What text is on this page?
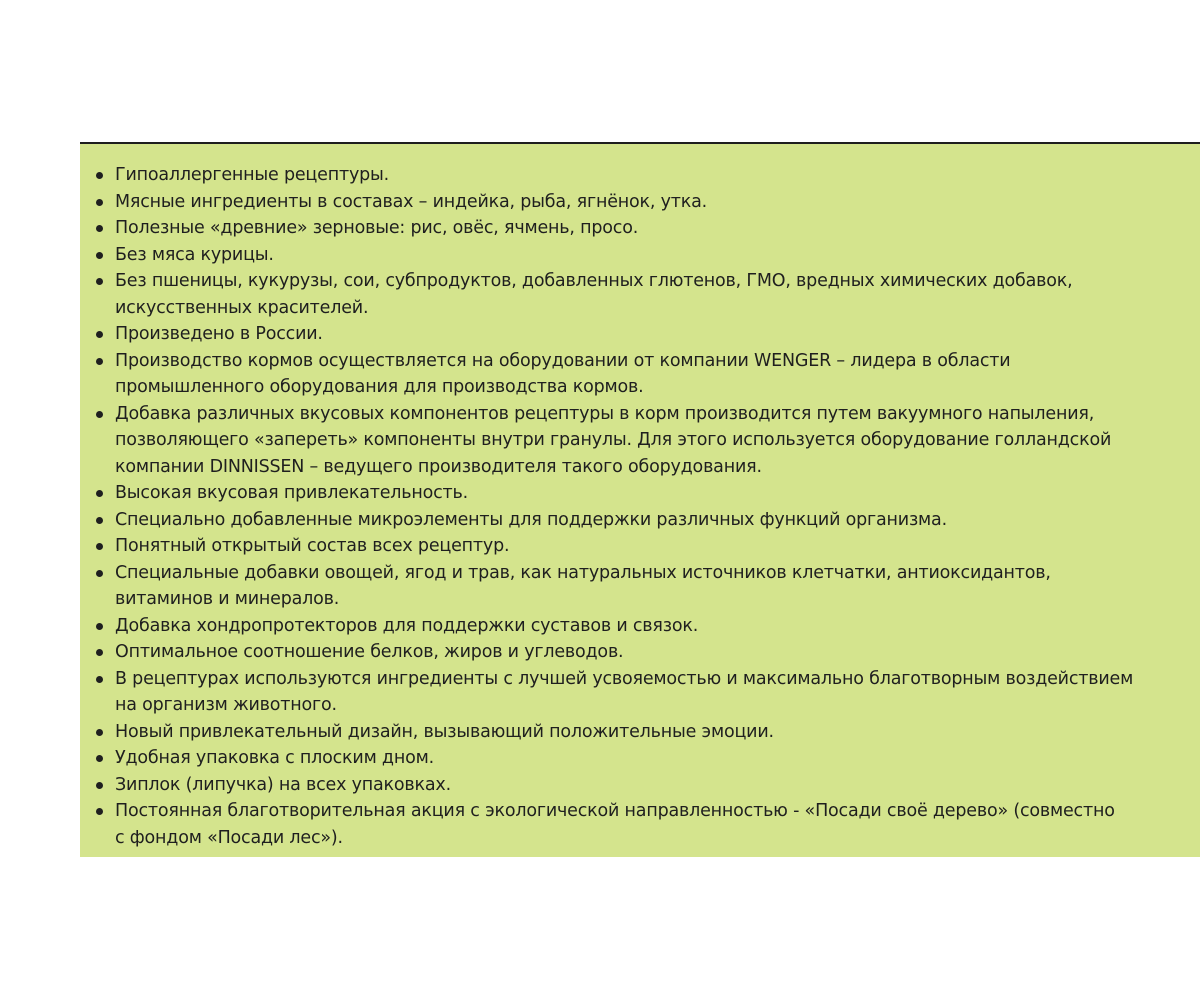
Гипоаллергенные рецептуры.
Мясные ингредиенты в составах – индейка, рыба, ягнёнок, утка.
Полезные «древние» зерновые: рис, овёс, ячмень, просо.
Без мяса курицы.
Без пшеницы, кукурузы, сои, субпродуктов, добавленных глютенов, ГМО, вредных химических добавок,
искусственных красителей.
Произведено в России.
Производство кормов осуществляется на оборудовании от компании WENGER – лидера в области
промышленного оборудования для производства кормов.
Добавка различных вкусовых компонентов рецептуры в корм производится путем вакуумного напыления,
позволяющего «запереть» компоненты внутри гранулы. Для этого используется оборудование голландской
компании DINNISSEN – ведущего производителя такого оборудования.
Высокая вкусовая привлекательность.
Специально добавленные микроэлементы для поддержки различных функций организма.
Понятный открытый состав всех рецептур.
Специальные добавки овощей, ягод и трав, как натуральных источников клетчатки, антиоксидантов,
витаминов и минералов.
Добавка хондропротекторов для поддержки суставов и связок.
Оптимальное соотношение белков, жиров и углеводов.
В рецептурах используются ингредиенты с лучшей усвояемостью и максимально благотворным воздействием
на организм животного.
Новый привлекательный дизайн, вызывающий положительные эмоции.
Удобная упаковка с плоским дном.
Зиплок (липучка) на всех упаковках.
Постоянная благотворительная акция с экологической направленностью - «Посади своё дерево» (совместно
с фондом «Посади лес»).
